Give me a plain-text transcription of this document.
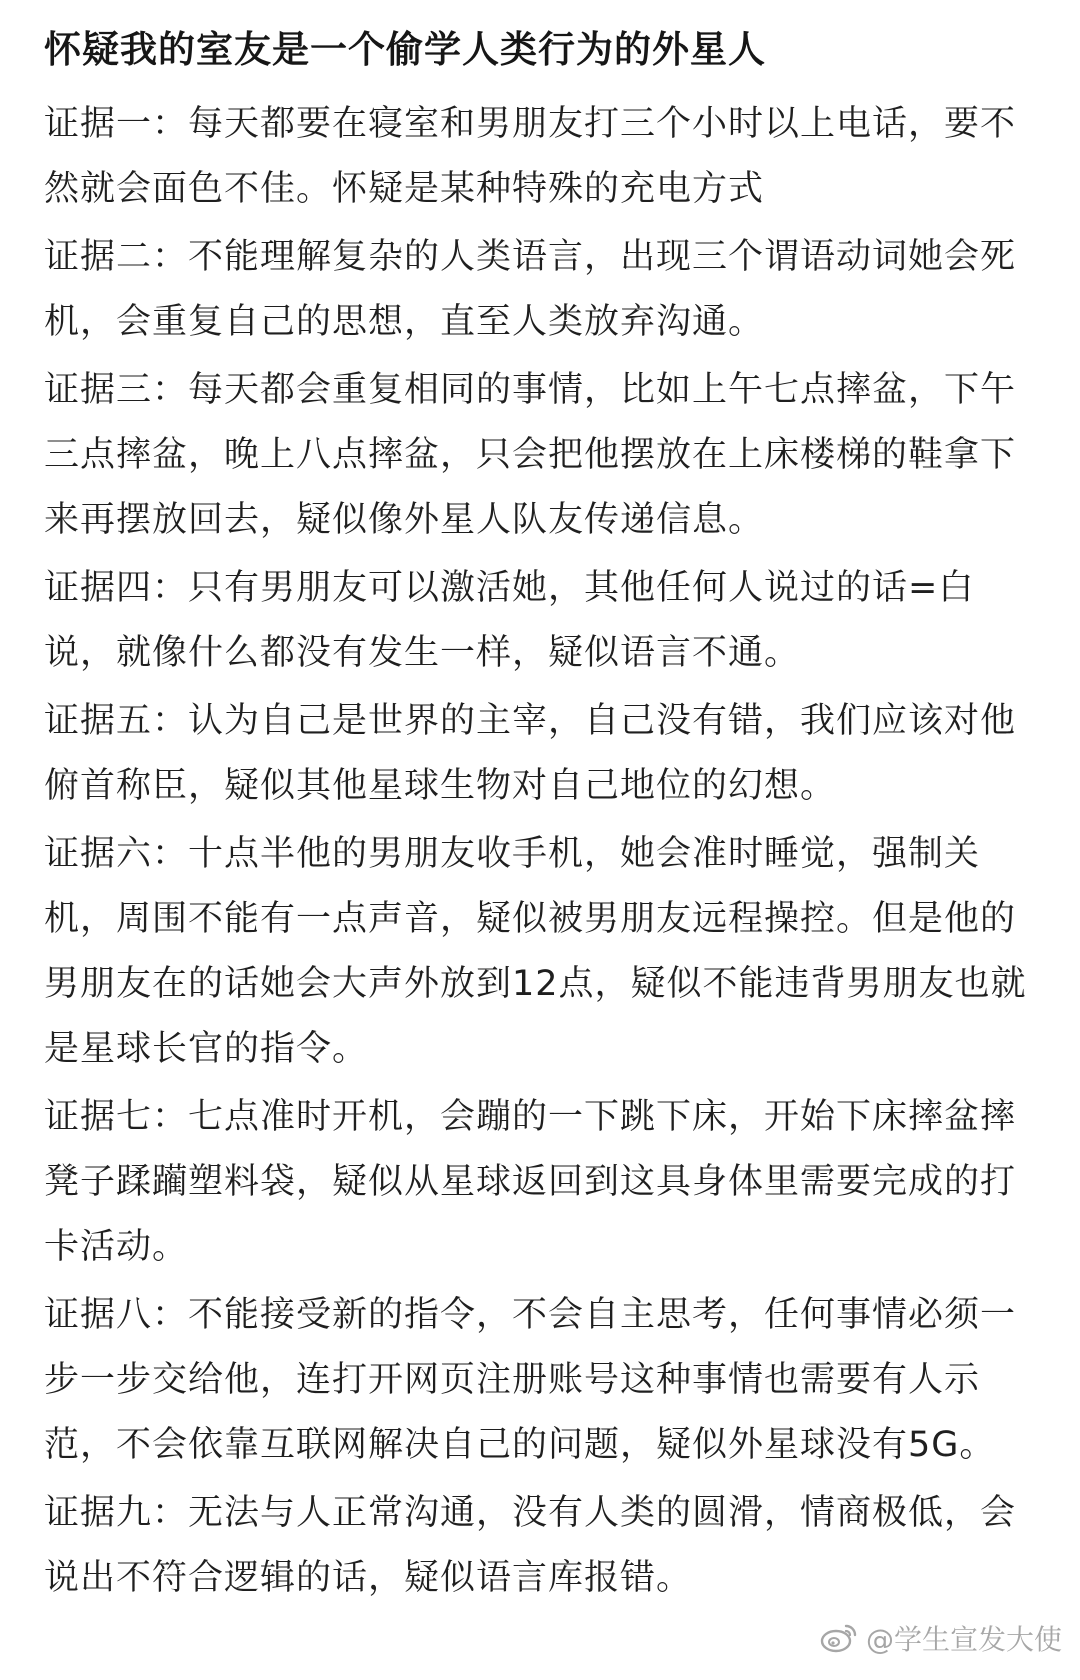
怀疑我的室友是一个偷学人类行为的外星人

证据一：每天都要在寝室和男朋友打三个小时以上电话，要不然就会面色不佳。怀疑是某种特殊的充电方式

证据二：不能理解复杂的人类语言，出现三个谓语动词她会死机，会重复自己的思想，直至人类放弃沟通。

证据三：每天都会重复相同的事情，比如上午七点摔盆，下午三点摔盆，晚上八点摔盆，只会把他摆放在上床楼梯的鞋拿下来再摆放回去，疑似像外星人队友传递信息。

证据四：只有男朋友可以激活她，其他任何人说过的话=白说，就像什么都没有发生一样，疑似语言不通。

证据五：认为自己是世界的主宰，自己没有错，我们应该对他俯首称臣，疑似其他星球生物对自己地位的幻想。

证据六：十点半他的男朋友收手机，她会准时睡觉，强制关机，周围不能有一点声音，疑似被男朋友远程操控。但是他的男朋友在的话她会大声外放到12点，疑似不能违背男朋友也就是星球长官的指令。

证据七：七点准时开机，会蹦的一下跳下床，开始下床摔盆摔凳子蹂躏塑料袋，疑似从星球返回到这具身体里需要完成的打卡活动。

证据八：不能接受新的指令，不会自主思考，任何事情必须一步一步交给他，连打开网页注册账号这种事情也需要有人示范，不会依靠互联网解决自己的问题，疑似外星球没有5G。

证据九：无法与人正常沟通，没有人类的圆滑，情商极低，会说出不符合逻辑的话，疑似语言库报错。

@学生宣发大使
